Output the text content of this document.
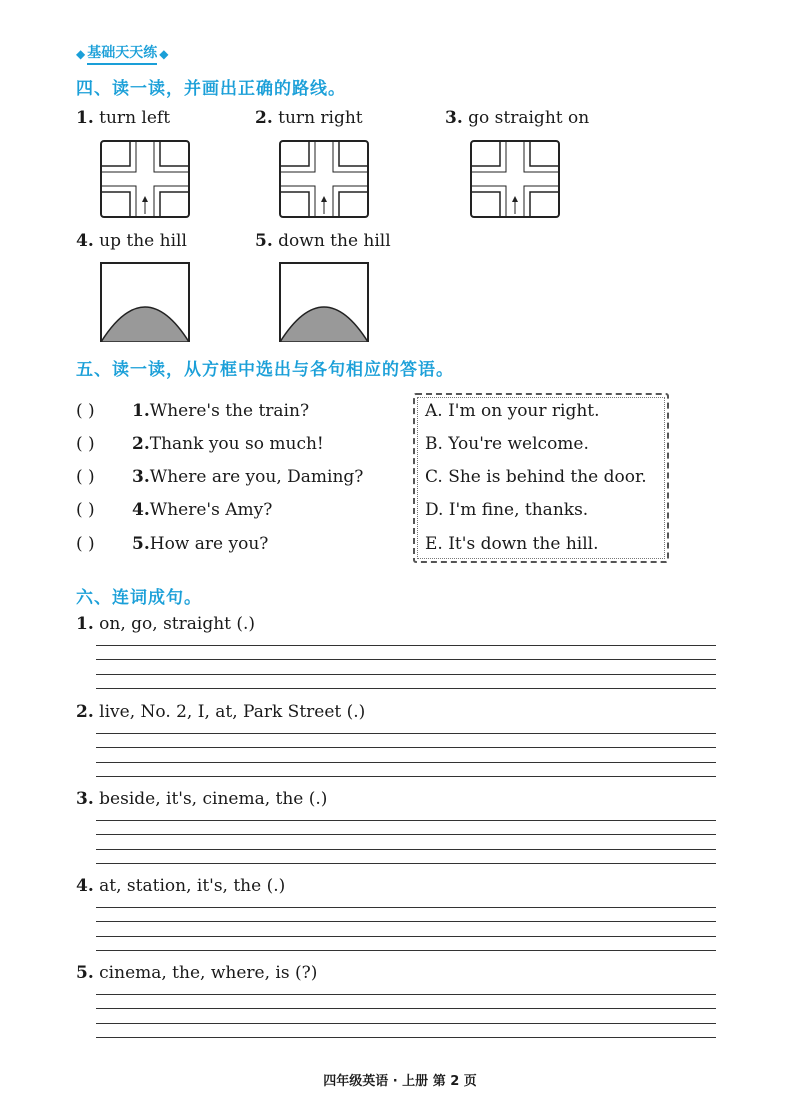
◆ 基础天天练 ◆
四、读一读，并画出正确的路线。
1. turn left	2. turn right	3. go straight on
4. up the hill	5. down the hill
五、读一读，从方框中选出与各句相应的答语。
( )	1. Where's the train?
( )	2. Thank you so much!
( )	3. Where are you, Daming?
( )	4. Where's Amy?
( )	5. How are you?
A. I'm on your right.
B. You're welcome.
C. She is behind the door.
D. I'm fine, thanks.
E. It's down the hill.
六、连词成句。
1. on, go, straight (.)
2. live, No. 2, I, at, Park Street (.)
3. beside, it's, cinema, the (.)
4. at, station, it's, the (.)
5. cinema, the, where, is (?)
四年级英语 · 上册 第 2 页
